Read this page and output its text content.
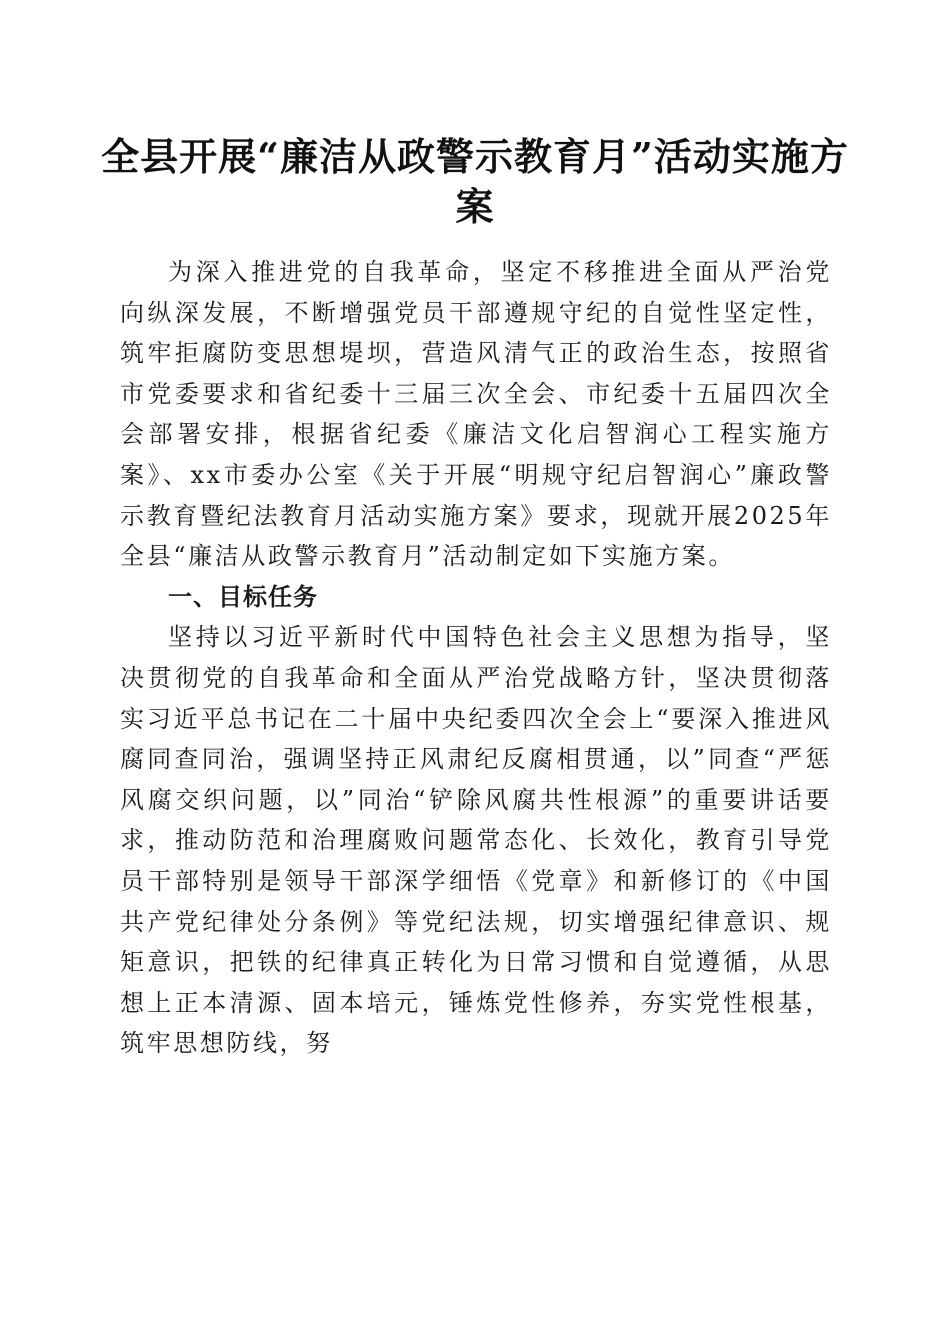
全县开展“廉洁从政警示教育月”活动实施方案

为深入推进党的自我革命，坚定不移推进全面从严治党向纵深发展，不断增强党员干部遵规守纪的自觉性坚定性，筑牢拒腐防变思想堤坝，营造风清气正的政治生态，按照省市党委要求和省纪委十三届三次全会、市纪委十五届四次全会部署安排，根据省纪委《廉洁文化启智润心工程实施方案》、xx市委办公室《关于开展“明规守纪启智润心”廉政警示教育暨纪法教育月活动实施方案》要求，现就开展2025年全县“廉洁从政警示教育月”活动制定如下实施方案。

一、目标任务

坚持以习近平新时代中国特色社会主义思想为指导，坚决贯彻党的自我革命和全面从严治党战略方针，坚决贯彻落实习近平总书记在二十届中央纪委四次全会上“要深入推进风腐同查同治，强调坚持正风肃纪反腐相贯通，以”同查“严惩风腐交织问题，以”同治“铲除风腐共性根源”的重要讲话要求，推动防范和治理腐败问题常态化、长效化，教育引导党员干部特别是领导干部深学细悟《党章》和新修订的《中国共产党纪律处分条例》等党纪法规，切实增强纪律意识、规矩意识，把铁的纪律真正转化为日常习惯和自觉遵循，从思想上正本清源、固本培元，锤炼党性修养，夯实党性根基，筑牢思想防线，努
